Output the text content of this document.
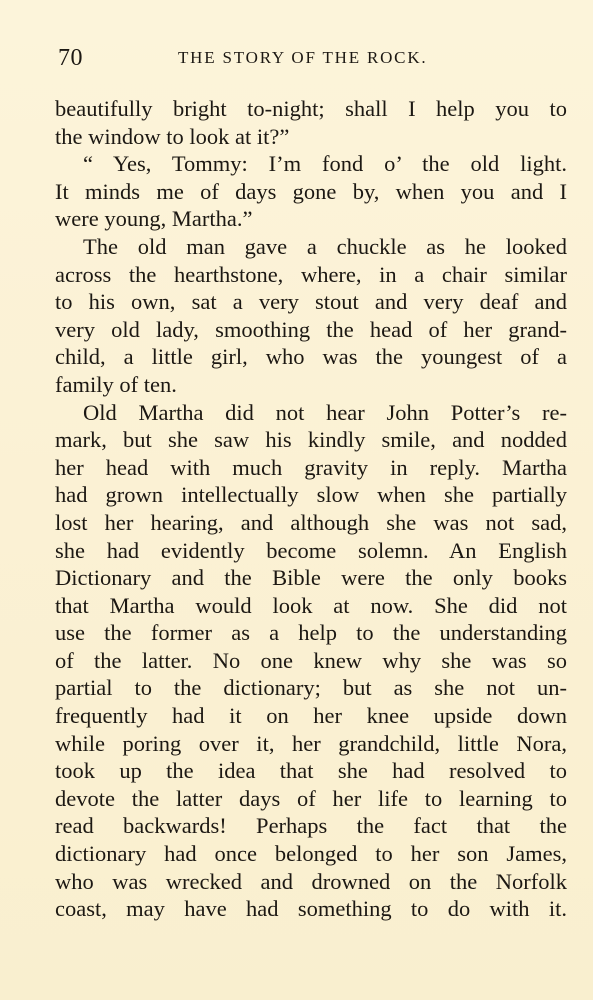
70	THE STORY OF THE ROCK.
beautifully bright to-night; shall I help you to
the window to look at it?”
“ Yes, Tommy: I’m fond o’ the old light.
It minds me of days gone by, when you and I
were young, Martha.”
The old man gave a chuckle as he looked
across the hearthstone, where, in a chair similar
to his own, sat a very stout and very deaf and
very old lady, smoothing the head of her grand-
child, a little girl, who was the youngest of a
family of ten.
Old Martha did not hear John Potter’s re-
mark, but she saw his kindly smile, and nodded
her head with much gravity in reply. Martha
had grown intellectually slow when she partially
lost her hearing, and although she was not sad,
she had evidently become solemn. An English
Dictionary and the Bible were the only books
that Martha would look at now. She did not
use the former as a help to the understanding
of the latter. No one knew why she was so
partial to the dictionary; but as she not un-
frequently had it on her knee upside down
while poring over it, her grandchild, little Nora,
took up the idea that she had resolved to
devote the latter days of her life to learning to
read backwards! Perhaps the fact that the
dictionary had once belonged to her son James,
who was wrecked and drowned on the Norfolk
coast, may have had something to do with it.
